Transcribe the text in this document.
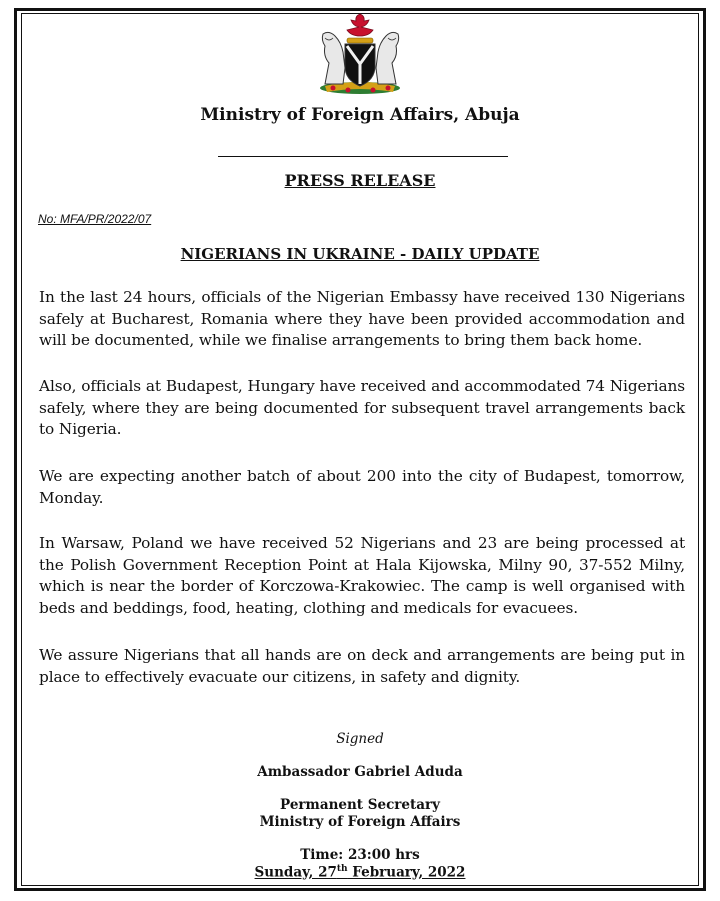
Ministry of Foreign Affairs, Abuja
PRESS RELEASE
No: MFA/PR/2022/07
NIGERIANS IN UKRAINE - DAILY UPDATE

In the last 24 hours, officials of the Nigerian Embassy have received 130 Nigerians safely at Bucharest, Romania where they have been provided accommodation and will be documented, while we finalise arrangements to bring them back home.

Also, officials at Budapest, Hungary have received and accommodated 74 Nigerians safely, where they are being documented for subsequent travel arrangements back to Nigeria.

We are expecting another batch of about 200 into the city of Budapest, tomorrow, Monday.

In Warsaw, Poland we have received 52 Nigerians and 23 are being processed at the Polish Government Reception Point at Hala Kijowska, Milny 90, 37-552 Milny, which is near the border of Korczowa-Krakowiec. The camp is well organised with beds and beddings, food, heating, clothing and medicals for evacuees.

We assure Nigerians that all hands are on deck and arrangements are being put in place to effectively evacuate our citizens, in safety and dignity.

Signed
Ambassador Gabriel Aduda
Permanent Secretary
Ministry of Foreign Affairs
Time: 23:00 hrs
Sunday, 27th February, 2022
